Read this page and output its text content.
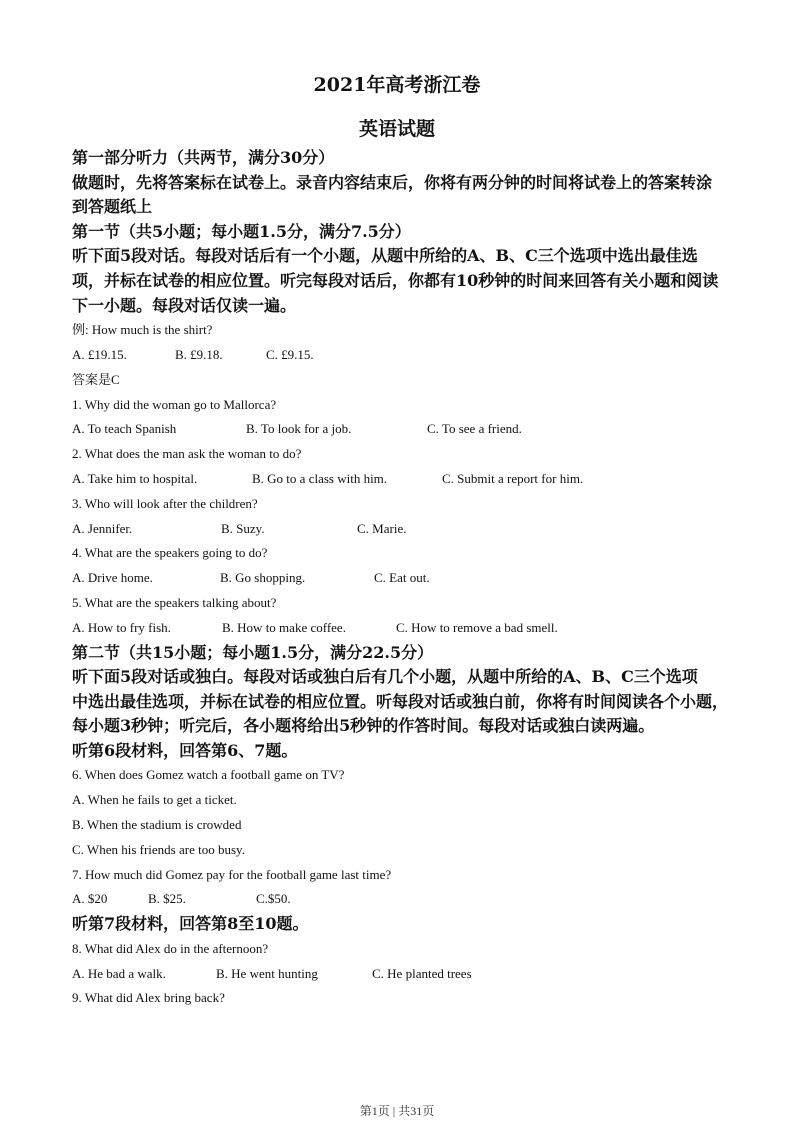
2021年高考浙江卷
英语试题

第一部分听力（共两节，满分30分）

做题时，先将答案标在试卷上。录音内容结束后，你将有两分钟的时间将试卷上的答案转涂

到答题纸上

第一节（共5小题；每小题1.5分，满分7.5分）

听下面5段对话。每段对话后有一个小题，从题中所给的A、B、C三个选项中选出最佳选

项，并标在试卷的相应位置。听完每段对话后，你都有10秒钟的时间来回答有关小题和阅读

下一小题。每段对话仅读一遍。

例: How much is the shirt?

A. £19.15.	B. £9.18.	C. £9.15.

答案是C

1. Why did the woman go to Mallorca?

A. To teach Spanish	B. To look for a job.	C. To see a friend.

2. What does the man ask the woman to do?

A. Take him to hospital.	B. Go to a class with him.	C. Submit a report for him.

3. Who will look after the children?

A. Jennifer.	B. Suzy.	C. Marie.

4. What are the speakers going to do?

A. Drive home.	B. Go shopping.	C. Eat out.

5. What are the speakers talking about?

A. How to fry fish.	B. How to make coffee.	C. How to remove a bad smell.

第二节（共15小题；每小题1.5分，满分22.5分）

听下面5段对话或独白。每段对话或独白后有几个小题，从题中所给的A、B、C三个选项

中选出最佳选项，并标在试卷的相应位置。听每段对话或独白前，你将有时间阅读各个小题，

每小题3秒钟；听完后，各小题将给出5秒钟的作答时间。每段对话或独白读两遍。

听第6段材料，回答第6、7题。

6. When does Gomez watch a football game on TV?

A. When he fails to get a ticket.

B. When the stadium is crowded

C. When his friends are too busy.

7. How much did Gomez pay for the football game last time?

A. $20	B. $25.	C.$50.

听第7段材料，回答第8至10题。

8. What did Alex do in the afternoon?

A. He bad a walk.	B. He went hunting	C. He planted trees

9. What did Alex bring back?

第1页 | 共31页
